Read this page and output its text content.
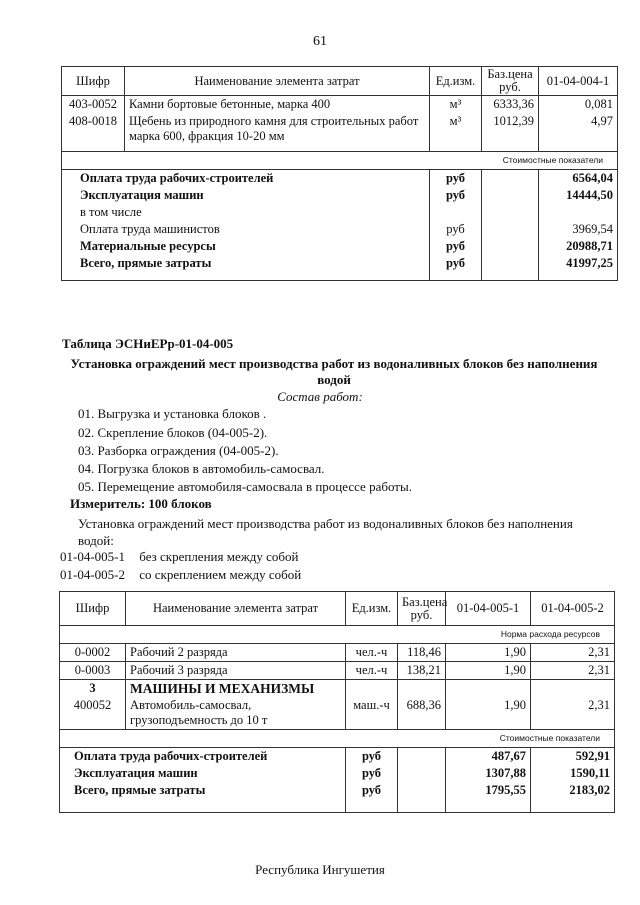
61
Шифр	Наименование элемента затрат	Ед.изм.	Баз.цена руб.	01-04-004-1
403-0052	Камни бортовые бетонные, марка 400	м³	6333,36	0,081
408-0018	Щебень из природного камня для строительных работ марка 600, фракция 10-20 мм	м³	1012,39	4,97
Стоимостные показатели				
Оплата труда рабочих-строителей		руб		6564,04
Эксплуатация машин		руб		14444,50
в том числе				
Оплата труда машинистов		руб		3969,54
Материальные ресурсы		руб		20988,71
Всего, прямые затраты		руб		41997,25
Таблица ЭСНиЕРр-01-04-005
Установка ограждений мест производства работ из водоналивных блоков без наполнения водой
Состав работ:
01. Выгрузка и установка блоков .
02. Скрепление блоков (04-005-2).
03. Разборка ограждения (04-005-2).
04. Погрузка блоков в автомобиль-самосвал.
05. Перемещение автомобиля-самосвала в процессе работы.
Измеритель: 100 блоков
Установка ограждений мест производства работ из водоналивных блоков без наполнения водой:
01-04-005-1 без скрепления между собой
01-04-005-2 со скреплением между собой
Шифр	Наименование элемента затрат	Ед.изм.	Баз.цена руб.	01-04-005-1	01-04-005-2
Норма расхода ресурсов					
0-0002	Рабочий 2 разряда	чел.-ч	118,46	1,90	2,31
0-0003	Рабочий 3 разряда	чел.-ч	138,21	1,90	2,31
3	МАШИНЫ И МЕХАНИЗМЫ				
400052	Автомобиль-самосвал, грузоподъемность до 10 т	маш.-ч	688,36	1,90	2,31
Стоимостные показатели					
Оплата труда рабочих-строителей		руб		487,67	592,91
Эксплуатация машин		руб		1307,88	1590,11
Всего, прямые затраты		руб		1795,55	2183,02
Республика Ингушетия
